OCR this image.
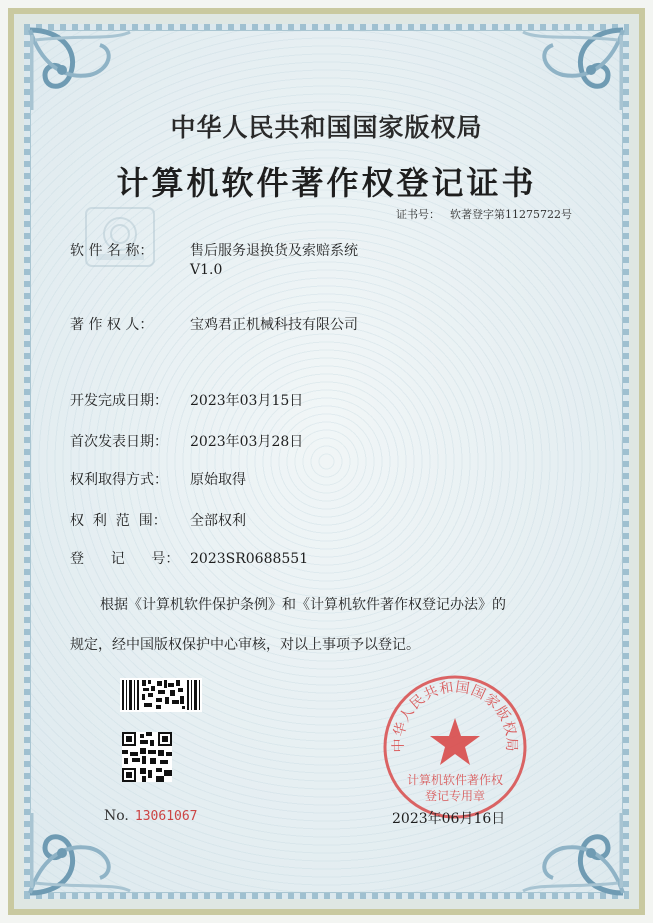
中华人民共和国国家版权局
计算机软件著作权登记证书
证书号： 软著登字第11275722号
软 件 名 称：	售后服务退换货及索赔系统
V1.0
著 作 权 人：	宝鸡君正机械科技有限公司
开发完成日期： 2023年03月15日
首次发表日期： 2023年03月28日
权利取得方式： 原始取得
权  利  范  围： 全部权利
登      记      号： 2023SR0688551
根据《计算机软件保护条例》和《计算机软件著作权登记办法》的
规定，经中国版权保护中心审核，对以上事项予以登记。
No. 13061067
中华人民共和国国家版权局
计算机软件著作权
登记专用章
2023年06月16日
